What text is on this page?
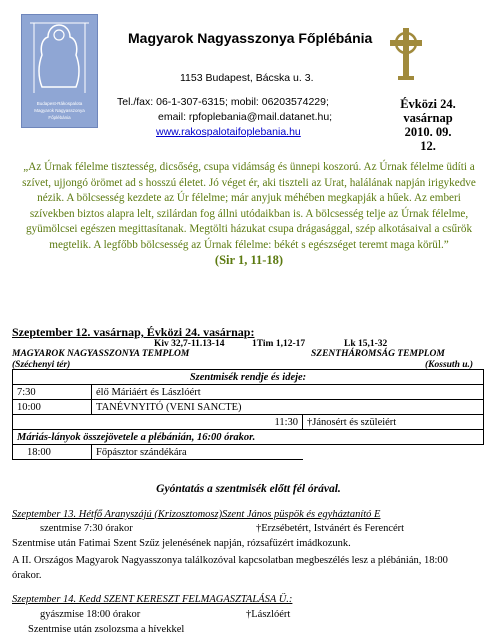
Budapest-Rákospalota
Magyarok Nagyasszonya
Főplébánia
Magyarok Nagyasszonya Főplébánia
1153 Budapest, Bácska u. 3.
Tel./fax: 06-1-307-6315; mobil: 06203574229;
email: rpfoplebania@mail.datanet.hu;
www.rakospalotaifoplebania.hu
Évközi 24.
vasárnap
2010. 09. 12.
„Az Úrnak félelme tisztesség, dicsőség, csupa vidámság és ünnepi koszorú. Az Úrnak félelme üdíti a szívet, ujjongó örömet ad s hosszú életet. Jó véget ér, aki tiszteli az Urat, halálának napján irigykedve nézik. A bölcsesség kezdete az Úr félelme; már anyjuk méhében megkapják a hűek. Az emberi szívekben biztos alapra lelt, szilárdan fog állni utódaikban is. A bölcsesség telje az Úrnak félelme, gyümölcsei egészen megittasítanak. Megtölti házukat csupa drágasággal, szép alkotásaival a csűrök megtelik. A legfőbb bölcsesség az Úrnak félelme: békét s egészséget teremt maga körül.”
(Sir 1, 11-18)
Szeptember 12. vasárnap, Évközi 24. vasárnap:
Kiv 32,7-11.13-14	1Tim 1,12-17	Lk 15,1-32
MAGYAROK NAGYASSZONYA TEMPLOM
(Széchenyi tér)
SZENTHÁROMSÁG TEMPLOM
(Kossuth u.)
Szentmisék rendje és ideje:		
7:30	élő Máriáért és Lászlóért	
10:00	TANÉVNYITÓ (VENI SANCTE)	
11:30		†Jánosért és szüleiért
Máriás-lányok összejövetele a plébánián, 16:00 órakor.		
18:00	Főpásztor szándékára	
Gyóntatás a szentmisék előtt fél órával.
Szeptember 13. Hétfő Aranyszájú (Krizosztomosz)Szent János püspök és egyháztanító E
szentmise 7:30 órakor	†Erzsébetért, Istvánért és Ferencért
Szentmise után Fatimai Szent Szűz jelenésének napján, rózsafüzért imádkozunk.
A II. Országos Magyarok Nagyasszonya találkozóval kapcsolatban megbeszélés lesz a plébánián, 18:00 órakor.
Szeptember 14. Kedd SZENT KERESZT FELMAGASZTALÁSA Ü.:
gyászmise 18:00 órakor	†Lászlóért
Szentmise után zsolozsma a hívekkel
